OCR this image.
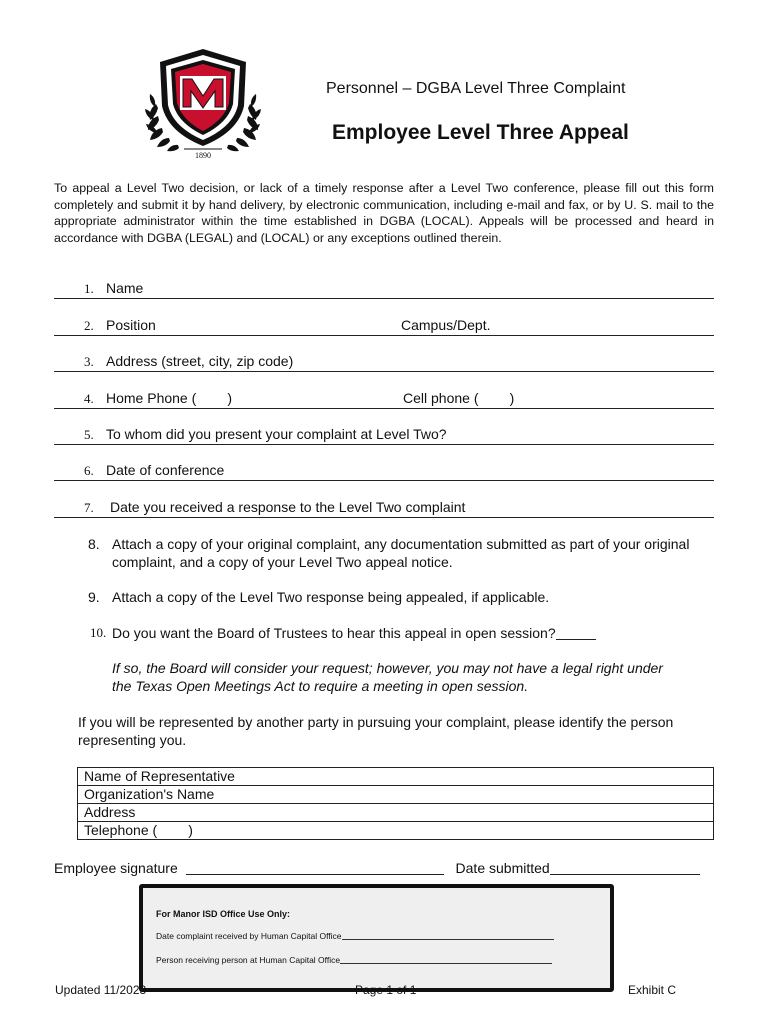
1890
Personnel – DGBA Level Three Complaint
Employee Level Three Appeal
To appeal a Level Two decision, or lack of a timely response after a Level Two conference, please fill out this form completely and submit it by hand delivery, by electronic communication, including e-mail and fax, or by U. S. mail to the appropriate administrator within the time established in DGBA (LOCAL). Appeals will be processed and heard in accordance with DGBA (LEGAL) and (LOCAL) or any exceptions outlined therein.
1. Name
2. Position	Campus/Dept.
3. Address (street, city, zip code)
4. Home Phone (        )	Cell phone (        )
5. To whom did you present your complaint at Level Two?
6. Date of conference
7. Date you received a response to the Level Two complaint
8. Attach a copy of your original complaint, any documentation submitted as part of your original complaint, and a copy of your Level Two appeal notice.
9. Attach a copy of the Level Two response being appealed, if applicable.
10. Do you want the Board of Trustees to hear this appeal in open session?
If so, the Board will consider your request; however, you may not have a legal right under the Texas Open Meetings Act to require a meeting in open session.
If you will be represented by another party in pursuing your complaint, please identify the person representing you.
Name of Representative
Organization's Name
Address
Telephone (        )
Employee signature	Date submitted
For Manor ISD Office Use Only:
Date complaint received by Human Capital Office
Person receiving person at Human Capital Office
Updated 11/2023	Page 1 of 1	Exhibit C
